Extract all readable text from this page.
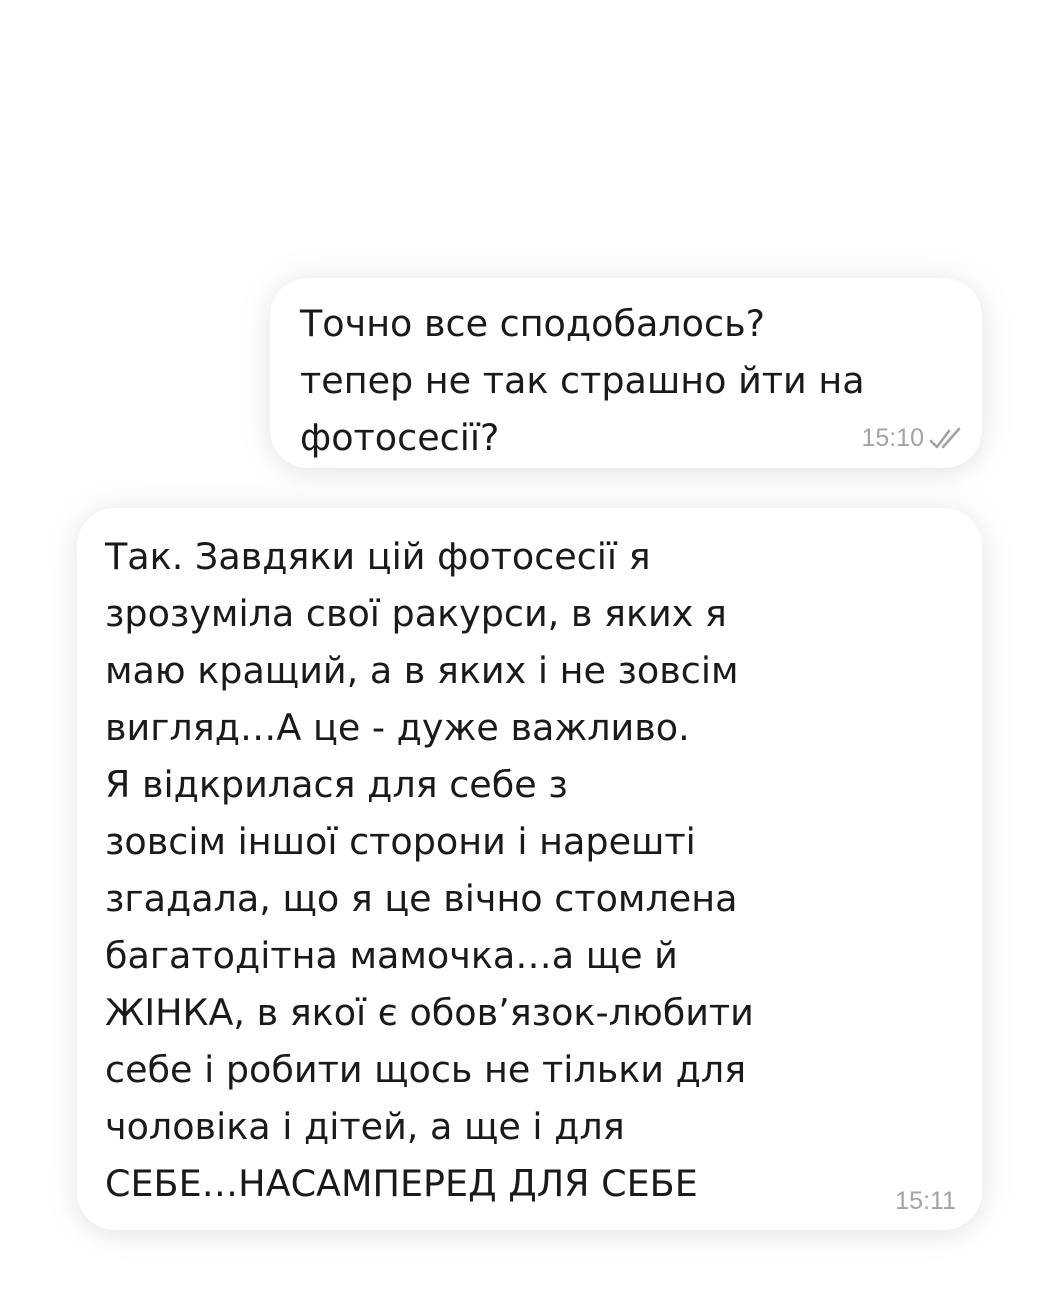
Точно все сподобалось?
тепер не так страшно йти на
фотосесії?	15:10

Так. Завдяки цій фотосесії я
зрозуміла свої ракурси, в яких я
маю кращий, а в яких і не зовсім
вигляд…А це - дуже важливо.
Я відкрилася для себе з
зовсім іншої сторони і нарешті
згадала, що я це вічно стомлена
багатодітна мамочка…а ще й
ЖІНКА, в якої є обов’язок-любити
себе і робити щось не тільки для
чоловіка і дітей, а ще і для
СЕБЕ…НАСАМПЕРЕД ДЛЯ СЕБЕ	15:11
